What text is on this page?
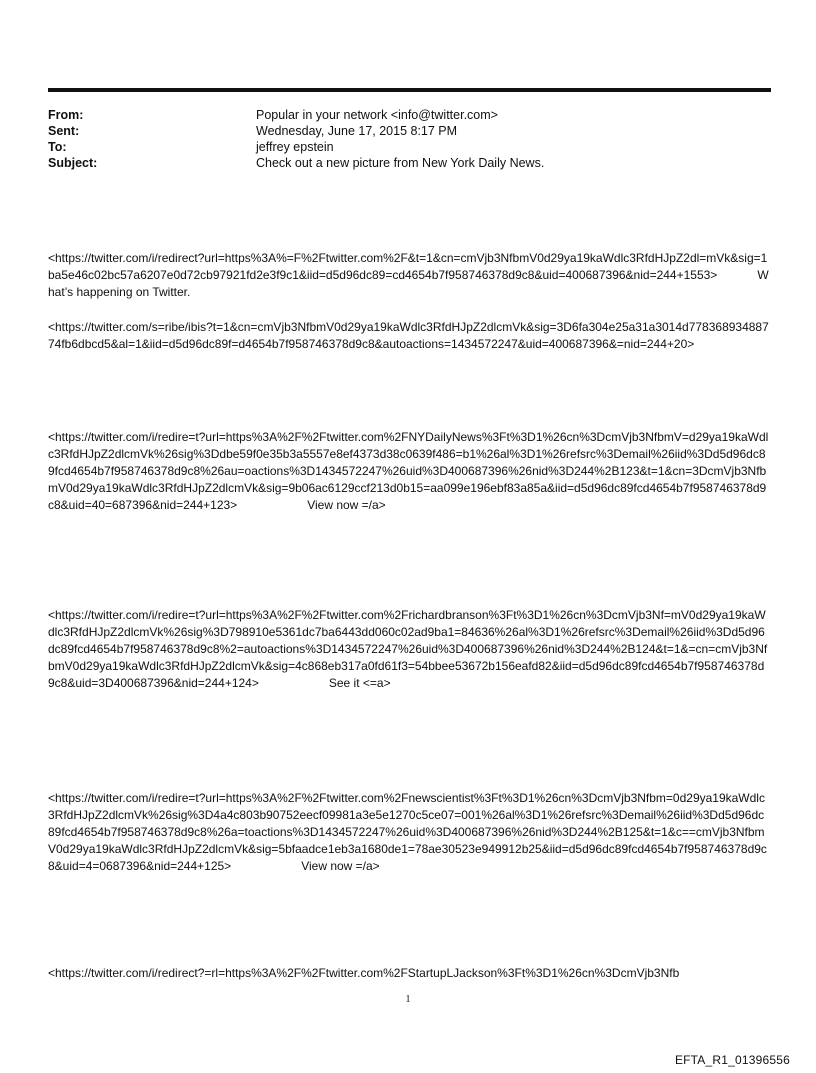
From:	Popular in your network <info@twitter.com>
Sent:	Wednesday, June 17, 2015 8:17 PM
To:	jeffrey epstein
Subject:	Check out a new picture from New York Daily News.
<https://twitter.com/i/redirect?url=https%3A%=F%2Ftwitter.com%2F&t=1&cn=cmVjb3NfbmV0d29ya19kaWdlc3RfdHJpZ2dl=mVk&sig=1ba5e46c02bc57a6207e0d72cb97921fd2e3f9c1&iid=d5d96dc89=cd4654b7f958746378d9c8&uid=400687396&nid=244+1553>	What’s happening on Twitter.
<https://twitter.com/s=ribe/ibis?t=1&cn=cmVjb3NfbmV0d29ya19kaWdlc3RfdHJpZ2dlcmVk&sig=3D6fa304e25a31a3014d77836893488774fb6dbcd5&al=1&iid=d5d96dc89f=d4654b7f958746378d9c8&autoactions=1434572247&uid=400687396&=nid=244+20>
<https://twitter.com/i/redire=t?url=https%3A%2F%2Ftwitter.com%2FNYDailyNews%3Ft%3D1%26cn%3DcmVjb3NfbmV=d29ya19kaWdlc3RfdHJpZ2dlcmVk%26sig%3Ddbe59f0e35b3a5557e8ef4373d38c0639f486=b1%26al%3D1%26refsrc%3Demail%26iid%3Dd5d96dc89fcd4654b7f958746378d9c8%26au=oactions%3D1434572247%26uid%3D400687396%26nid%3D244%2B123&t=1&cn=3DcmVjb3NfbmV0d29ya19kaWdlc3RfdHJpZ2dlcmVk&sig=9b06ac6129ccf213d0b15=aa099e196ebf83a85a&iid=d5d96dc89fcd4654b7f958746378d9c8&uid=40=687396&nid=244+123>	View now =/a>
<https://twitter.com/i/redire=t?url=https%3A%2F%2Ftwitter.com%2Frichardbranson%3Ft%3D1%26cn%3DcmVjb3Nf=mV0d29ya19kaWdlc3RfdHJpZ2dlcmVk%26sig%3D798910e5361dc7ba6443dd060c02ad9ba1=84636%26al%3D1%26refsrc%3Demail%26iid%3Dd5d96dc89fcd4654b7f958746378d9c8%2=autoactions%3D1434572247%26uid%3D400687396%26nid%3D244%2B124&t=1&=cn=cmVjb3NfbmV0d29ya19kaWdlc3RfdHJpZ2dlcmVk&sig=4c868eb317a0fd61f3=54bbee53672b156eafd82&iid=d5d96dc89fcd4654b7f958746378d9c8&uid=3D400687396&nid=244+124>	See it <=a>
<https://twitter.com/i/redire=t?url=https%3A%2F%2Ftwitter.com%2Fnewscientist%3Ft%3D1%26cn%3DcmVjb3Nfbm=0d29ya19kaWdlc3RfdHJpZ2dlcmVk%26sig%3D4a4c803b90752eecf09981a3e5e1270c5ce07=001%26al%3D1%26refsrc%3Demail%26iid%3Dd5d96dc89fcd4654b7f958746378d9c8%26a=toactions%3D1434572247%26uid%3D400687396%26nid%3D244%2B125&t=1&c==cmVjb3NfbmV0d29ya19kaWdlc3RfdHJpZ2dlcmVk&sig=5bfaadce1eb3a1680de1=78ae30523e949912b25&iid=d5d96dc89fcd4654b7f958746378d9c8&uid=4=0687396&nid=244+125>	View now =/a>
<https://twitter.com/i/redirect?=rl=https%3A%2F%2Ftwitter.com%2FStartupLJackson%3Ft%3D1%26cn%3DcmVjb3Nfb
1
EFTA_R1_01396556
